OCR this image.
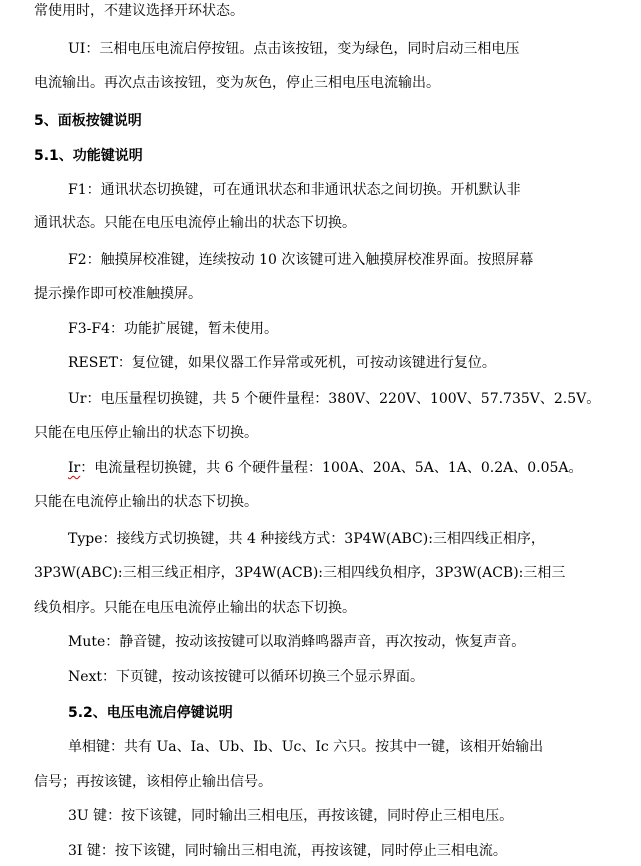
常使用时，不建议选择开环状态。
UI：三相电压电流启停按钮。点击该按钮，变为绿色，同时启动三相电压
电流输出。再次点击该按钮，变为灰色，停止三相电压电流输出。
5、面板按键说明
5.1、功能键说明
F1：通讯状态切换键，可在通讯状态和非通讯状态之间切换。开机默认非
通讯状态。只能在电压电流停止输出的状态下切换。
F2：触摸屏校准键，连续按动 10 次该键可进入触摸屏校准界面。按照屏幕
提示操作即可校准触摸屏。
F3-F4：功能扩展键，暂未使用。
RESET：复位键，如果仪器工作异常或死机，可按动该键进行复位。
Ur：电压量程切换键，共 5 个硬件量程：380V、220V、100V、57.735V、2.5V。
只能在电压停止输出的状态下切换。
Ir：电流量程切换键，共 6 个硬件量程：100A、20A、5A、1A、0.2A、0.05A。
只能在电流停止输出的状态下切换。
Type：接线方式切换键，共 4 种接线方式：3P4W(ABC):三相四线正相序，
3P3W(ABC):三相三线正相序，3P4W(ACB):三相四线负相序，3P3W(ACB):三相三
线负相序。只能在电压电流停止输出的状态下切换。
Mute：静音键，按动该按键可以取消蜂鸣器声音，再次按动，恢复声音。
Next：下页键，按动该按键可以循环切换三个显示界面。
5.2、电压电流启停键说明
单相键：共有 Ua、Ia、Ub、Ib、Uc、Ic 六只。按其中一键，该相开始输出
信号；再按该键，该相停止输出信号。
3U 键：按下该键，同时输出三相电压，再按该键，同时停止三相电压。
3I 键：按下该键，同时输出三相电流，再按该键，同时停止三相电流。
